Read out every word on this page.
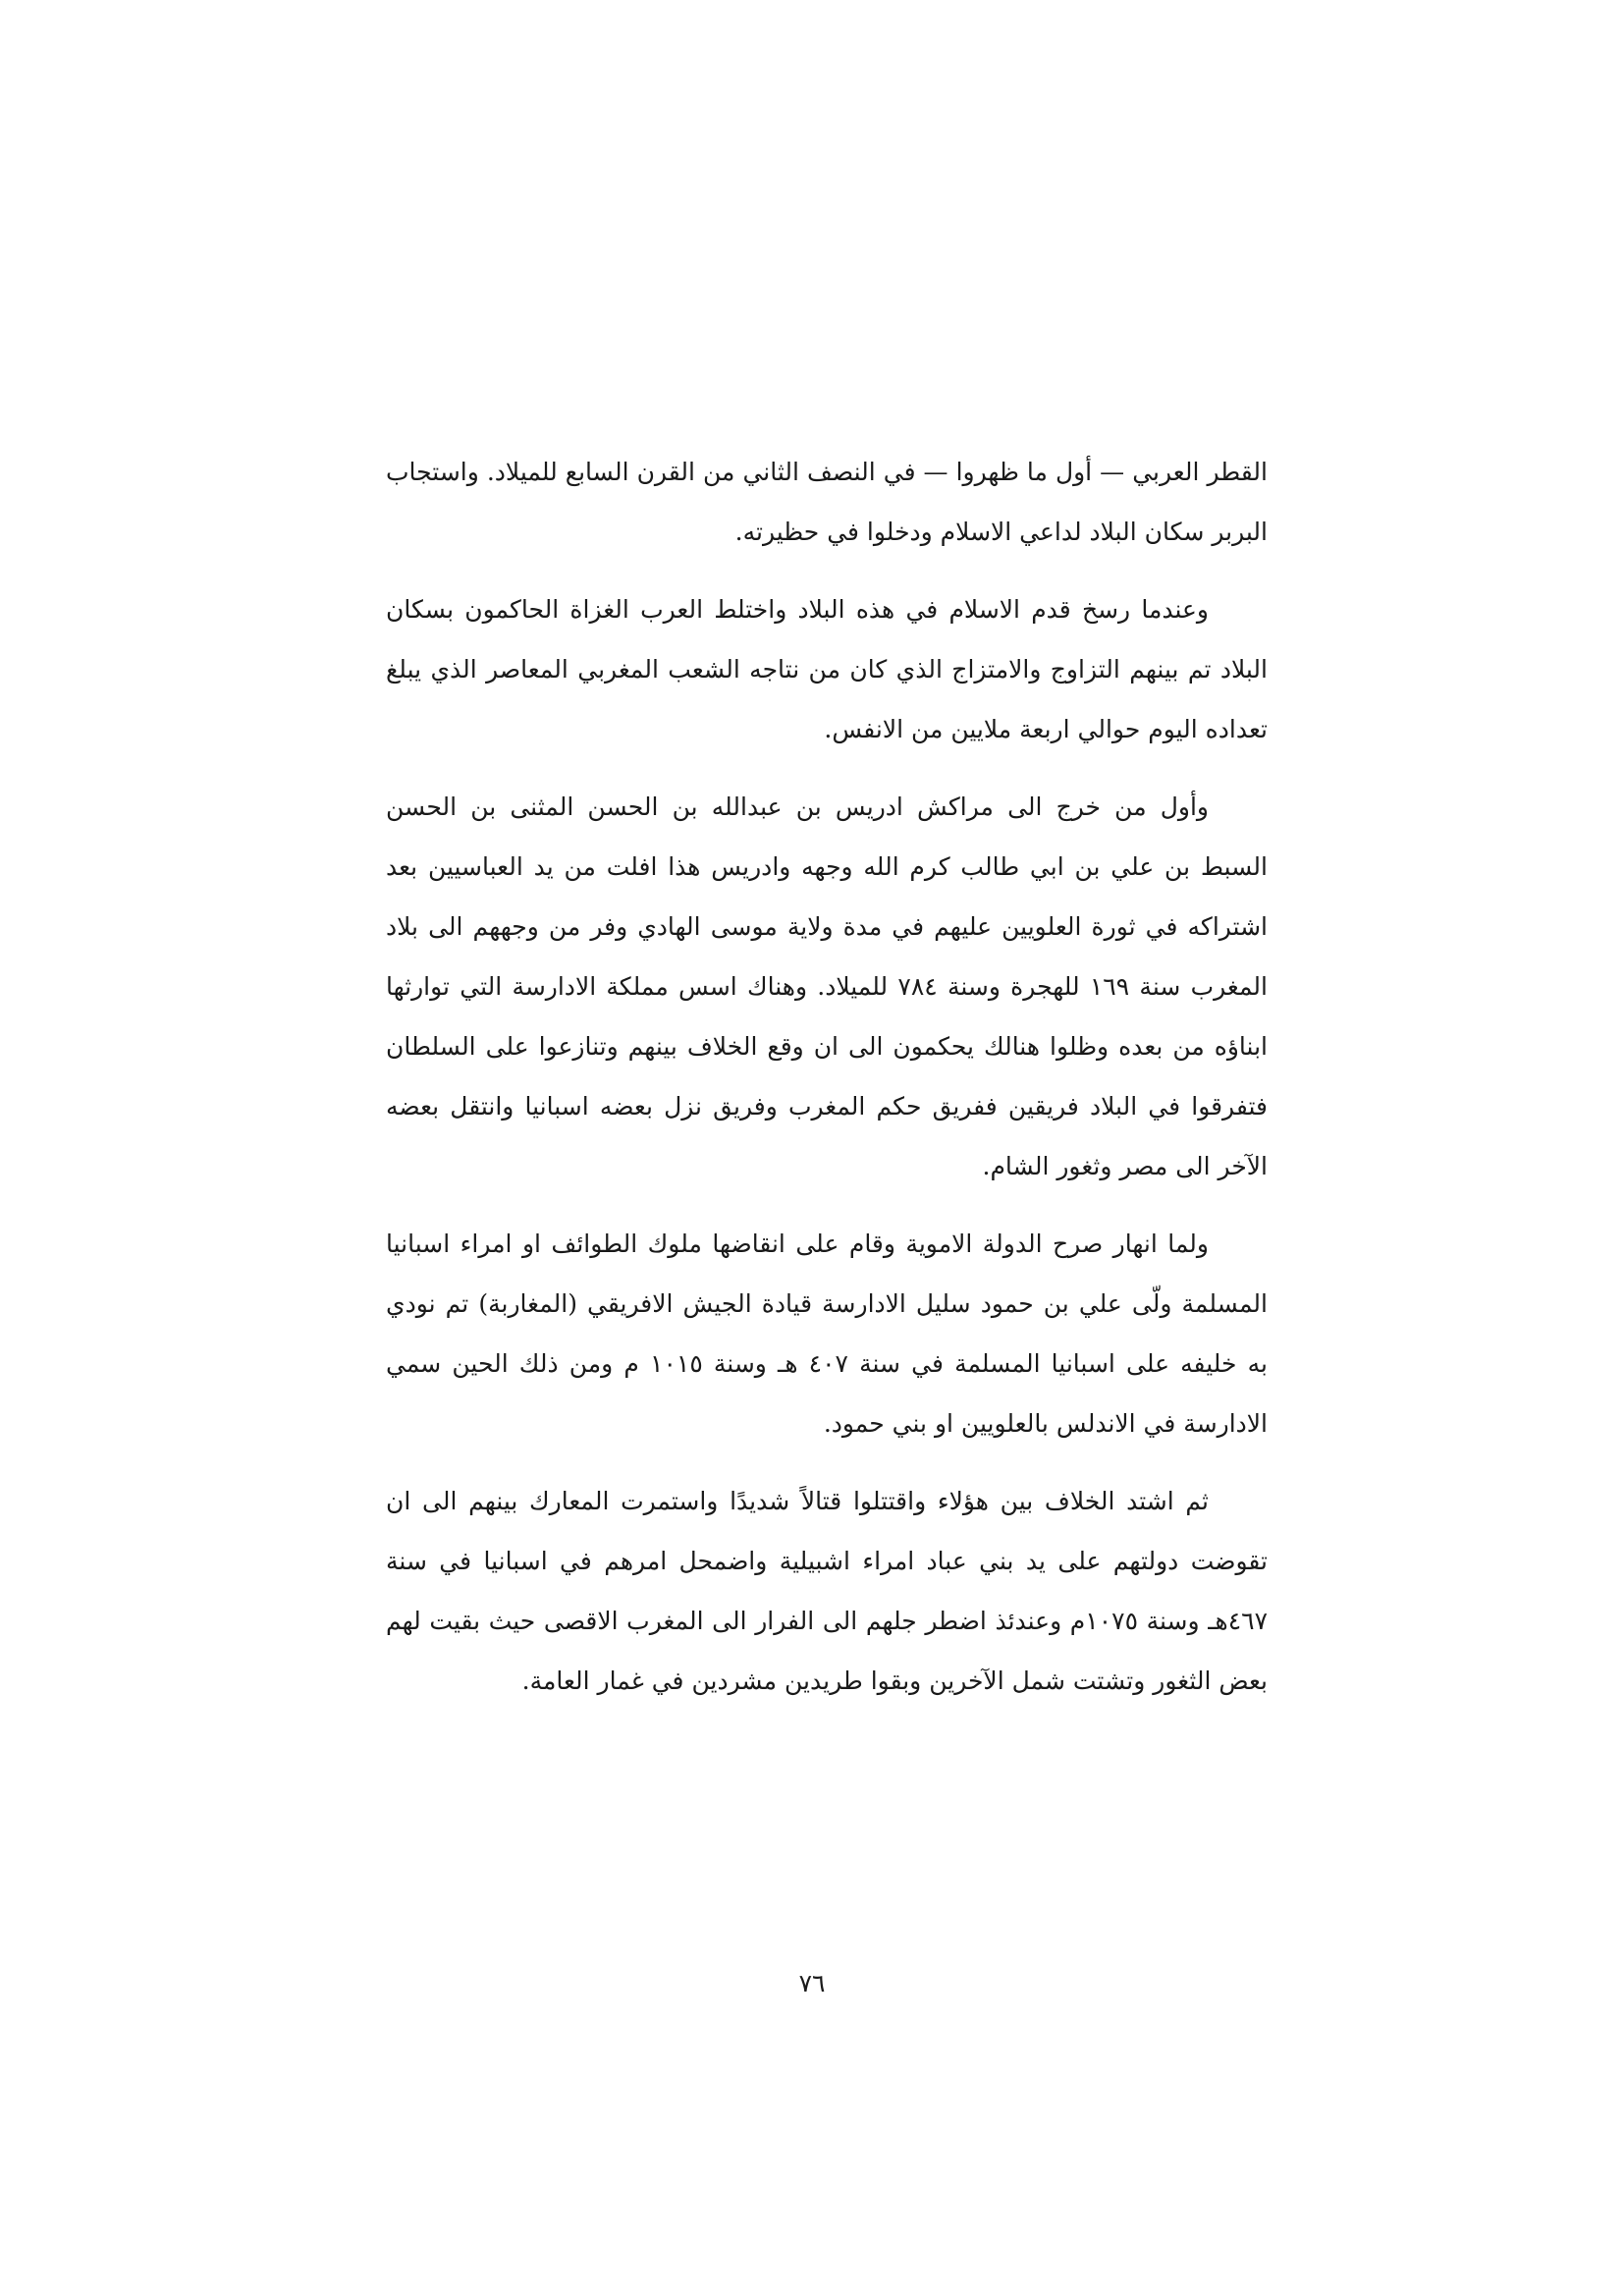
القطر العربي — أول ما ظهروا — في النصف الثاني من القرن السابع للميلاد. واستجاب البربر سكان البلاد لداعي الاسلام ودخلوا في حظيرته.

وعندما رسخ قدم الاسلام في هذه البلاد واختلط العرب الغزاة الحاكمون بسكان البلاد تم بينهم التزاوج والامتزاج الذي كان من نتاجه الشعب المغربي المعاصر الذي يبلغ تعداده اليوم حوالي اربعة ملايين من الانفس.

وأول من خرج الى مراكش ادريس بن عبدالله بن الحسن المثنى بن الحسن السبط بن علي بن ابي طالب كرم الله وجهه وادريس هذا افلت من يد العباسيين بعد اشتراكه في ثورة العلويين عليهم في مدة ولاية موسى الهادي وفر من وجههم الى بلاد المغرب سنة ١٦٩ للهجرة وسنة ٧٨٤ للميلاد. وهناك اسس مملكة الادارسة التي توارثها ابناؤه من بعده وظلوا هنالك يحكمون الى ان وقع الخلاف بينهم وتنازعوا على السلطان فتفرقوا في البلاد فريقين ففريق حكم المغرب وفريق نزل بعضه اسبانيا وانتقل بعضه الآخر الى مصر وثغور الشام.

ولما انهار صرح الدولة الاموية وقام على انقاضها ملوك الطوائف او امراء اسبانيا المسلمة ولّى علي بن حمود سليل الادارسة قيادة الجيش الافريقي (المغاربة) تم نودي به خليفه على اسبانيا المسلمة في سنة ٤٠٧ هـ وسنة ١٠١٥ م ومن ذلك الحين سمي الادارسة في الاندلس بالعلويين او بني حمود.

ثم اشتد الخلاف بين هؤلاء واقتتلوا قتالاً شديدًا واستمرت المعارك بينهم الى ان تقوضت دولتهم على يد بني عباد امراء اشبيلية واضمحل امرهم في اسبانيا في سنة ٤٦٧هـ وسنة ١٠٧٥م وعندئذ اضطر جلهم الى الفرار الى المغرب الاقصى حيث بقيت لهم بعض الثغور وتشتت شمل الآخرين وبقوا طريدين مشردين في غمار العامة.

٧٦
